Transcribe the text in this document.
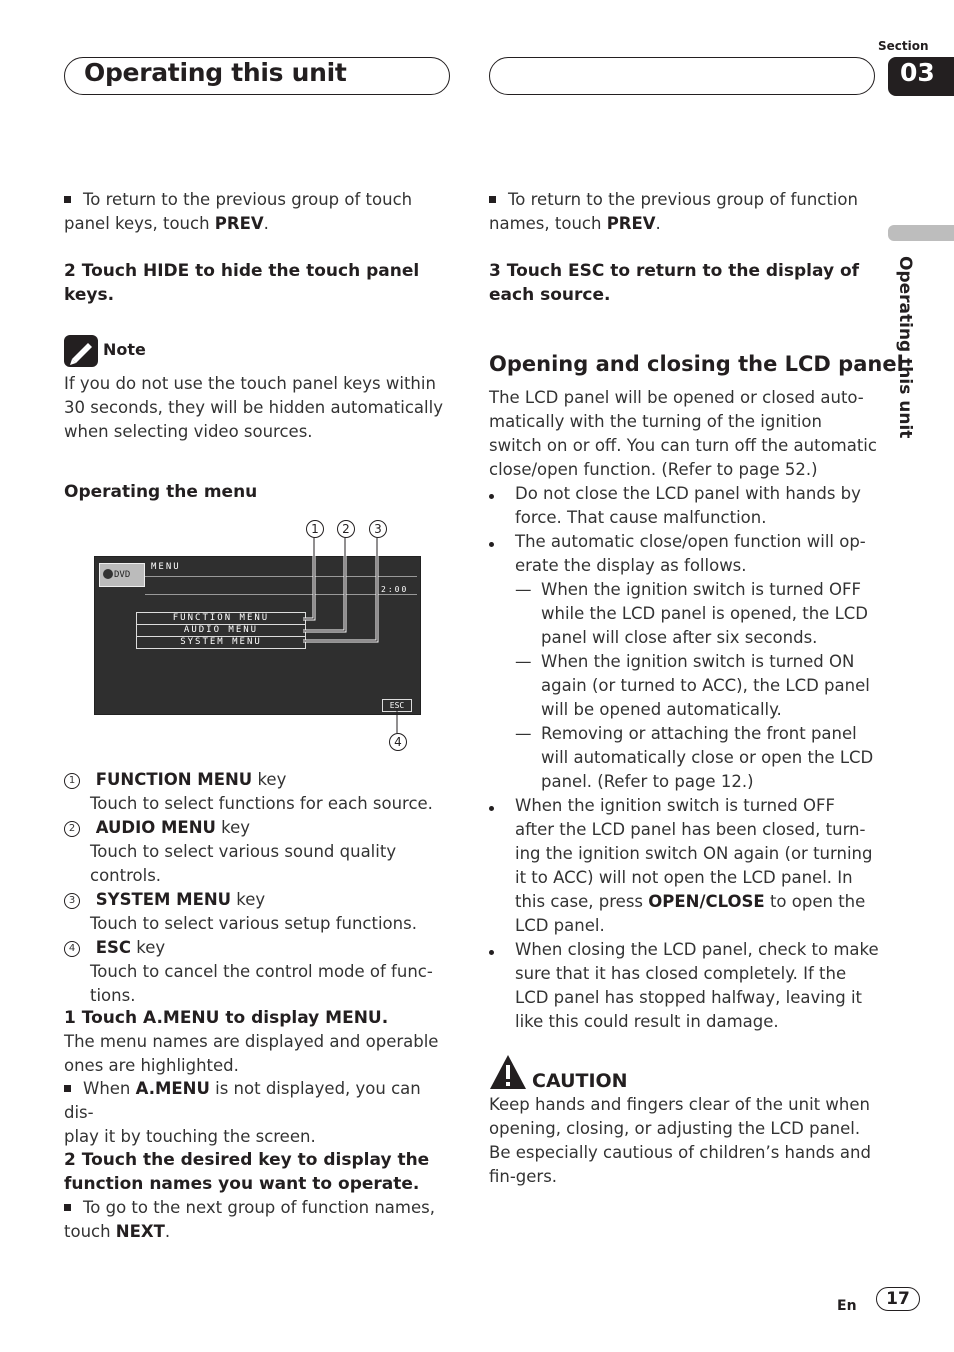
Operating this unit
Section
03
Operating this unit
To return to the previous group of touch panel keys, touch PREV.
2 Touch HIDE to hide the touch panel keys.
Note
If you do not use the touch panel keys within 30 seconds, they will be hidden automatically when selecting video sources.
Operating the menu
1	2	3
DVD
MENU
2:00
FUNCTION MENU
AUDIO MENU
SYSTEM MENU
ESC
4
1 FUNCTION MENU key
Touch to select functions for each source.
2 AUDIO MENU key
Touch to select various sound quality controls.
3 SYSTEM MENU key
Touch to select various setup functions.
4 ESC key
Touch to cancel the control mode of func-
tions.
1 Touch A.MENU to display MENU.
The menu names are displayed and operable ones are highlighted.
When A.MENU is not displayed, you can dis-
play it by touching the screen.
2 Touch the desired key to display the function names you want to operate.
To go to the next group of function names,
touch NEXT.
To return to the previous group of function
names, touch PREV.
3 Touch ESC to return to the display of each source.
Opening and closing the LCD panel
The LCD panel will be opened or closed auto-matically with the turning of the ignition switch on or off. You can turn off the automatic close/open function. (Refer to page 52.)
Do not close the LCD panel with hands by force. That cause malfunction.
The automatic close/open function will op-erate the display as follows.
— When the ignition switch is turned OFF while the LCD panel is opened, the LCD panel will close after six seconds.
— When the ignition switch is turned ON again (or turned to ACC), the LCD panel will be opened automatically.
— Removing or attaching the front panel will automatically close or open the LCD panel. (Refer to page 12.)
When the ignition switch is turned OFF after the LCD panel has been closed, turn-ing the ignition switch ON again (or turning it to ACC) will not open the LCD panel. In this case, press OPEN/CLOSE to open the LCD panel.
When closing the LCD panel, check to make sure that it has closed completely. If the LCD panel has stopped halfway, leaving it like this could result in damage.
CAUTION
Keep hands and fingers clear of the unit when opening, closing, or adjusting the LCD panel. Be especially cautious of children’s hands and fin-gers.
En	17
